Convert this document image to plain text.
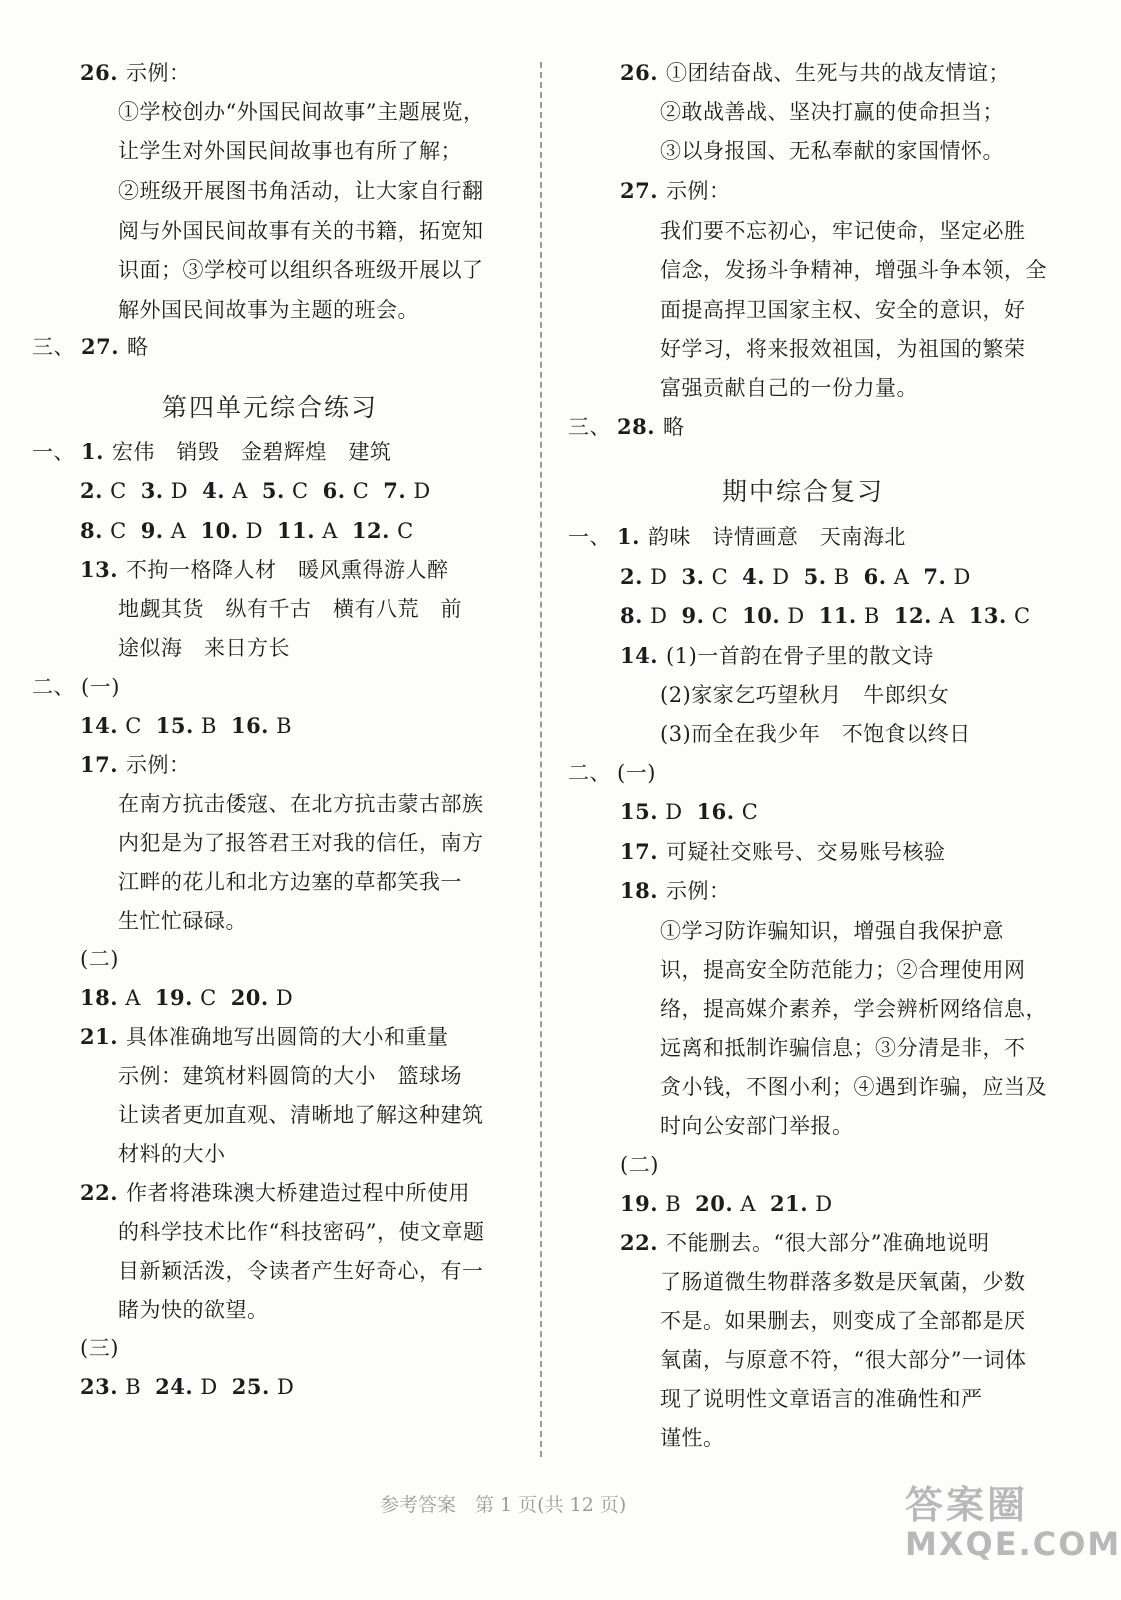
26. 示例：
①学校创办“外国民间故事”主题展览，
让学生对外国民间故事也有所了解；
②班级开展图书角活动，让大家自行翻
阅与外国民间故事有关的书籍，拓宽知
识面；③学校可以组织各班级开展以了
解外国民间故事为主题的班会。
三、 27. 略
一、 1. 宏伟　销毁　金碧辉煌　建筑
2. C 3. D 4. A 5. C 6. C 7. D
8. C 9. A 10. D 11. A 12. C
13. 不拘一格降人材　暖风熏得游人醉
地觑其货　纵有千古　横有八荒　前
途似海　来日方长
二、 (一)
14. C 15. B 16. B
17. 示例：
在南方抗击倭寇、在北方抗击蒙古部族
内犯是为了报答君王对我的信任，南方
江畔的花儿和北方边塞的草都笑我一
生忙忙碌碌。
(二)
18. A 19. C 20. D
21. 具体准确地写出圆筒的大小和重量
示例：建筑材料圆筒的大小　篮球场
让读者更加直观、清晰地了解这种建筑
材料的大小
22. 作者将港珠澳大桥建造过程中所使用
的科学技术比作“科技密码”，使文章题
目新颖活泼，令读者产生好奇心，有一
睹为快的欲望。
(三)
23. B 24. D 25. D
26. ①团结奋战、生死与共的战友情谊；
②敢战善战、坚决打赢的使命担当；
③以身报国、无私奉献的家国情怀。
27. 示例：
我们要不忘初心，牢记使命，坚定必胜
信念，发扬斗争精神，增强斗争本领，全
面提高捍卫国家主权、安全的意识，好
好学习，将来报效祖国，为祖国的繁荣
富强贡献自己的一份力量。
三、 28. 略
一、 1. 韵味　诗情画意　天南海北
2. D 3. C 4. D 5. B 6. A 7. D
8. D 9. C 10. D 11. B 12. A 13. C
14. (1)一首韵在骨子里的散文诗
(2)家家乞巧望秋月　牛郎织女
(3)而全在我少年　不饱食以终日
二、 (一)
15. D 16. C
17. 可疑社交账号、交易账号核验
18. 示例：
①学习防诈骗知识，增强自我保护意
识，提高安全防范能力；②合理使用网
络，提高媒介素养，学会辨析网络信息，
远离和抵制诈骗信息；③分清是非，不
贪小钱，不图小利；④遇到诈骗，应当及
时向公安部门举报。
(二)
19. B 20. A 21. D
22. 不能删去。“很大部分”准确地说明
了肠道微生物群落多数是厌氧菌，少数
不是。如果删去，则变成了全部都是厌
氧菌，与原意不符，“很大部分”一词体
现了说明性文章语言的准确性和严
谨性。
第四单元综合练习
期中综合复习
参考答案　第 1 页(共 12 页)	答案圈
MXQE.COM
